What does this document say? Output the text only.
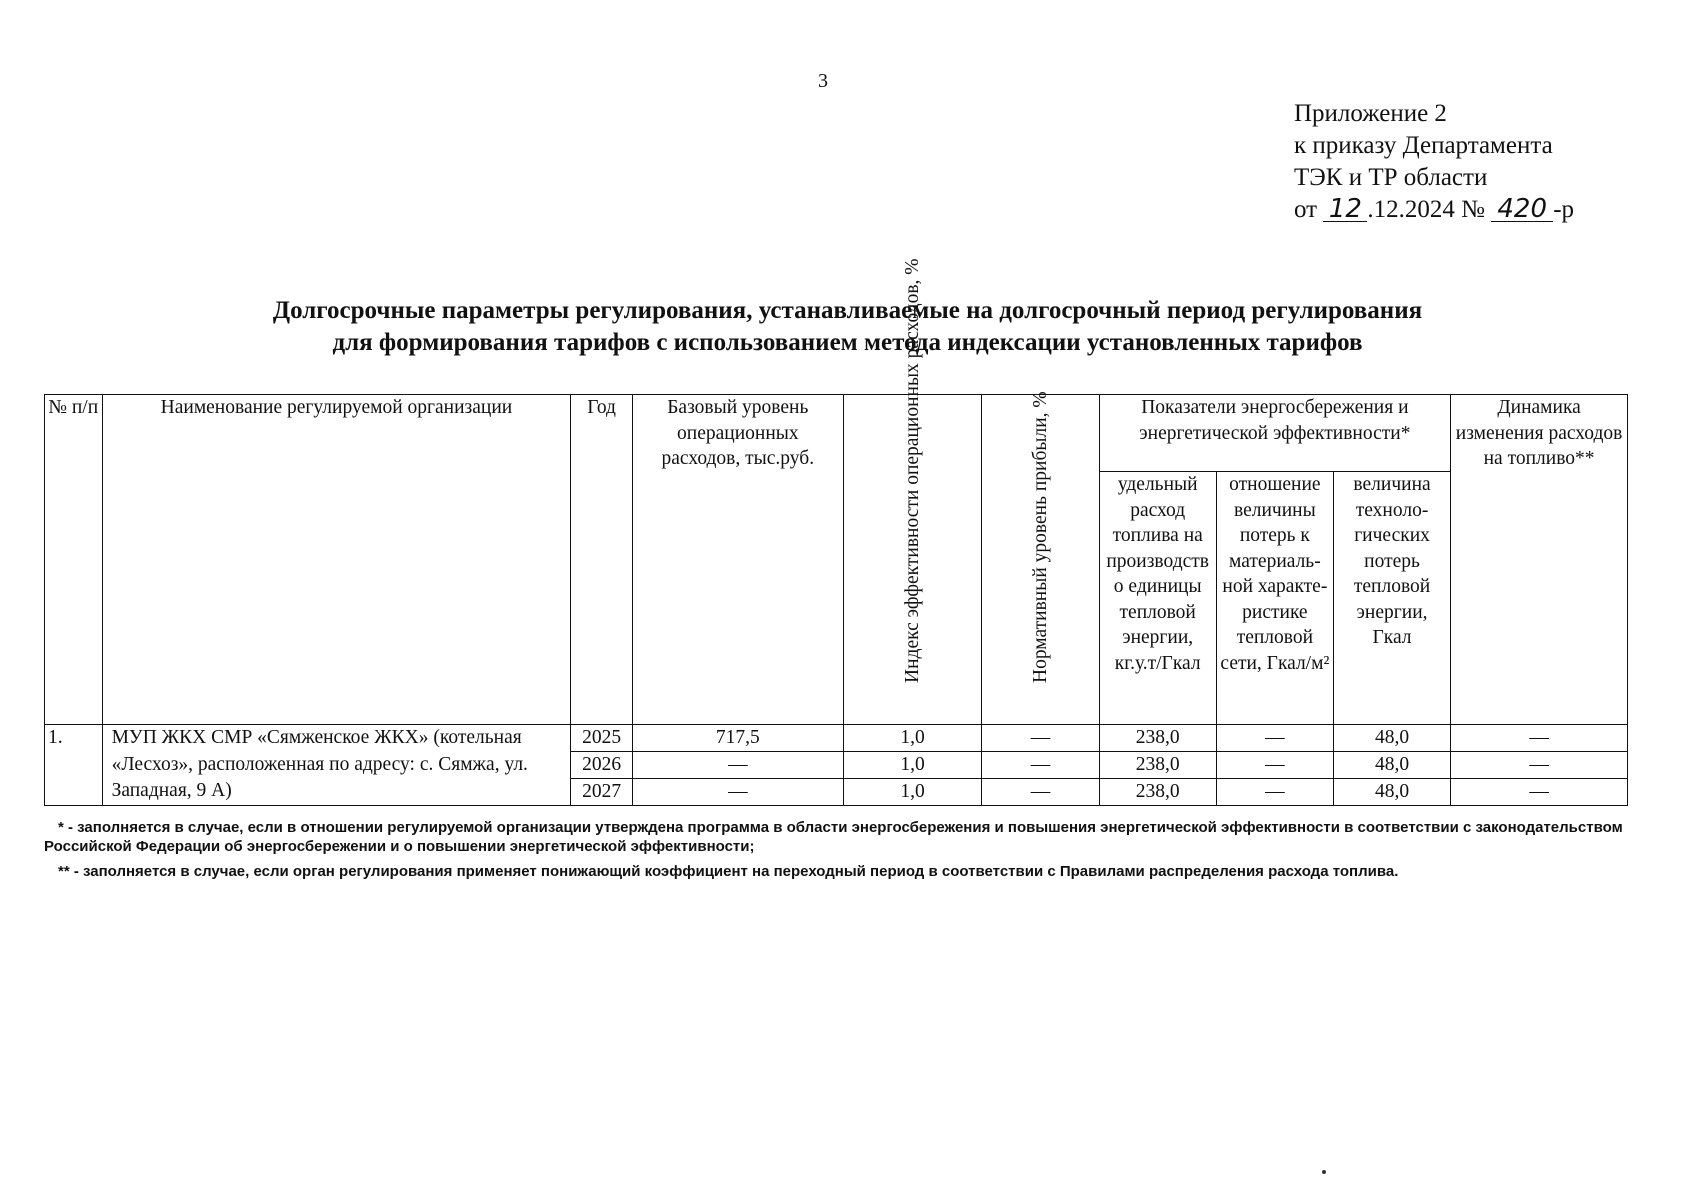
3
Приложение 2
к приказу Департамента
ТЭК и ТР области
от 12 .12.2024 № 420 -р
Долгосрочные параметры регулирования, устанавливаемые на долгосрочный период регулирования
для формирования тарифов с использованием метода индексации установленных тарифов
№ п/п	Наименование регулируемой организации	Год	Базовый уровень операционных расходов, тыс.руб.	Индекс эффективности операционных расходов, %	Нормативный уровень прибыли, %	Показатели энергосбережения и энергетической эффективности*			Динамика изменения расходов на топливо**
						удельный расход топлива на производств о единицы тепловой энергии, кг.у.т/Гкал	отношение величины потерь к материаль-ной характе-ристике тепловой сети, Гкал/м²	величина техноло-гических потерь тепловой энергии, Гкал	
1.	МУП ЖКХ СМР «Сямженское ЖКХ» (котельная «Лесхоз», расположенная по адресу: с. Сямжа, ул. Западная, 9 А)	2025	717,5	1,0	—	238,0	—	48,0	—
		2026	—	1,0	—	238,0	—	48,0	—
		2027	—	1,0	—	238,0	—	48,0	—
* - заполняется в случае, если в отношении регулируемой организации утверждена программа в области энергосбережения и повышения энергетической эффективности в соответствии с законодательством Российской Федерации об энергосбережении и о повышении энергетической эффективности;
** - заполняется в случае, если орган регулирования применяет понижающий коэффициент на переходный период в соответствии с Правилами распределения расхода топлива.
